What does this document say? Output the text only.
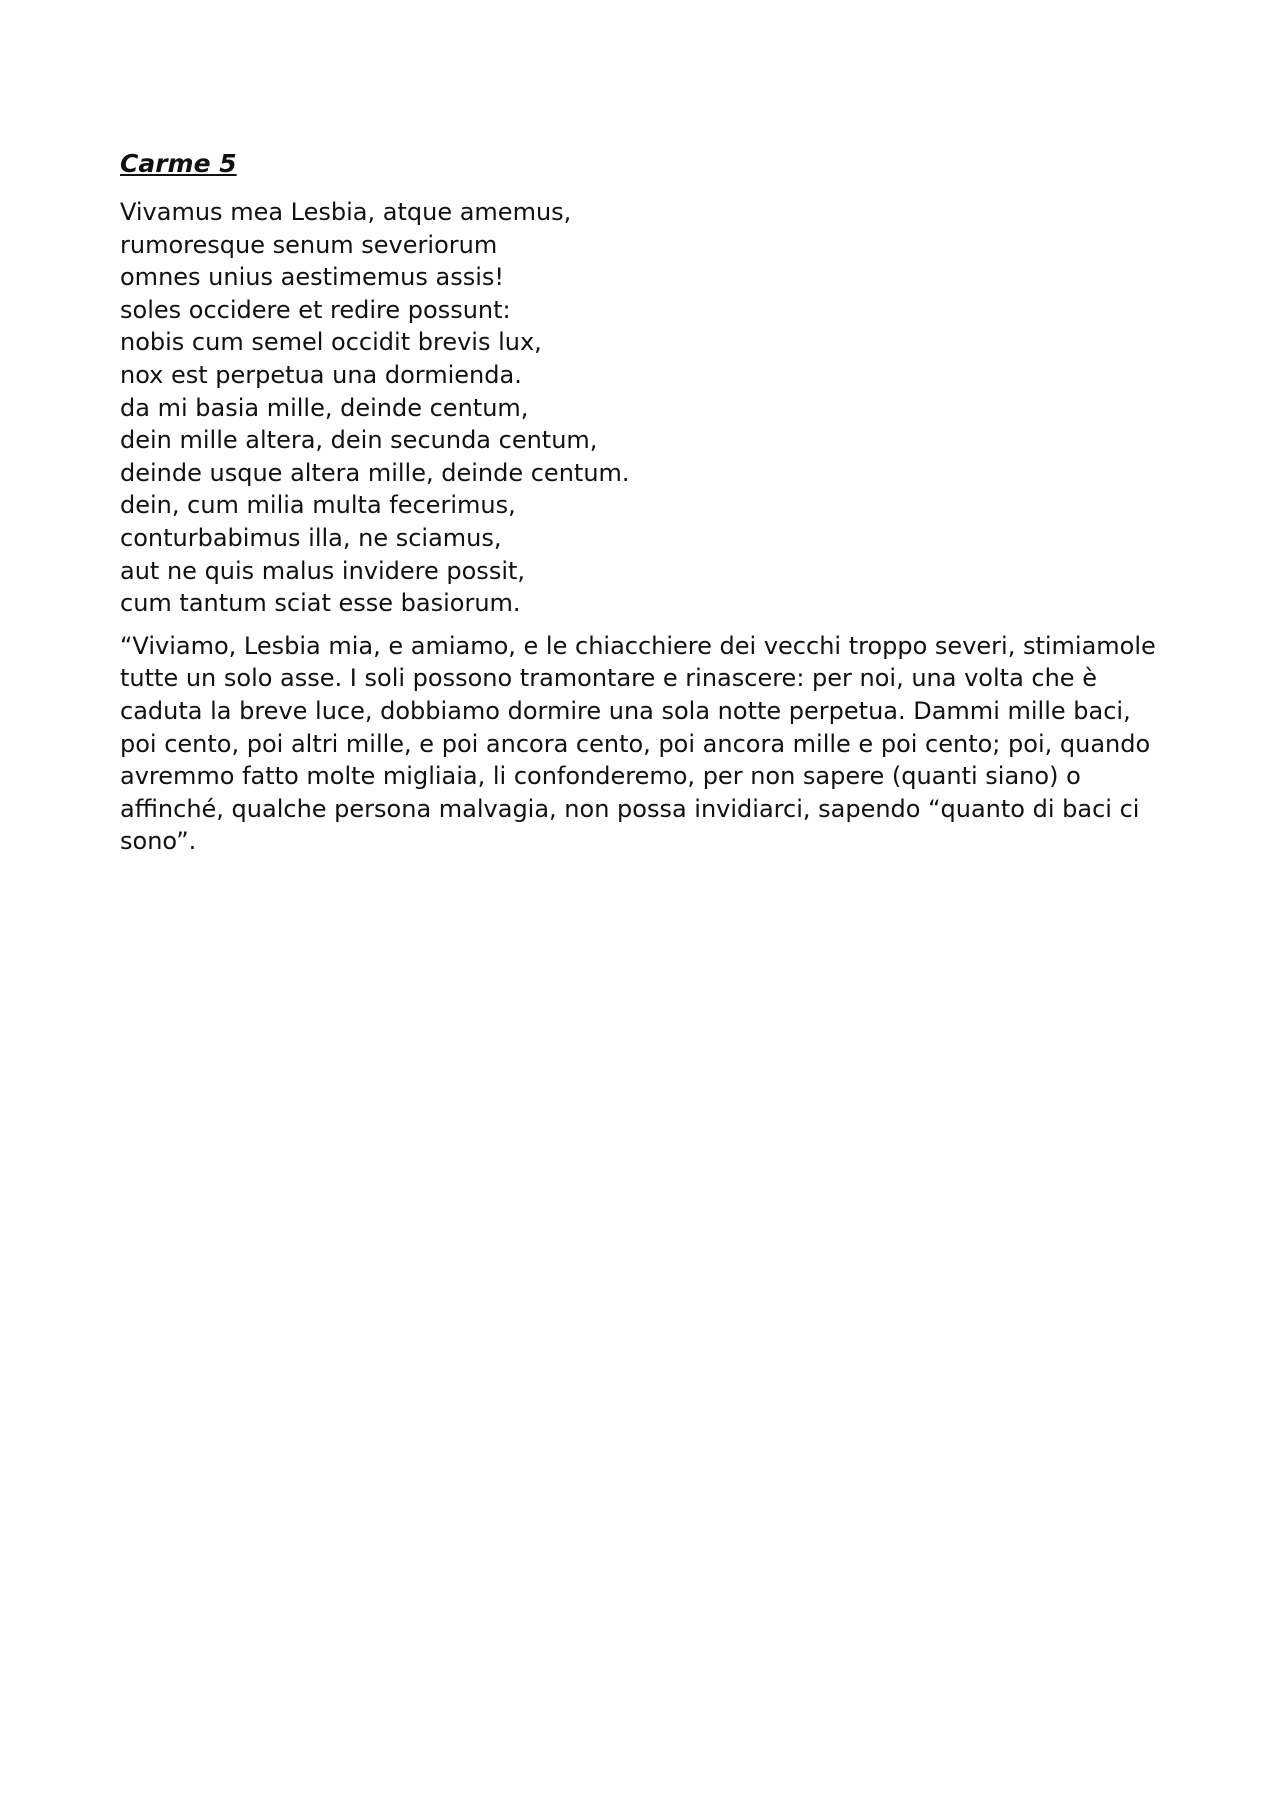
Carme 5
Vivamus mea Lesbia, atque amemus,
rumoresque senum severiorum
omnes unius aestimemus assis!
soles occidere et redire possunt:
nobis cum semel occidit brevis lux,
nox est perpetua una dormienda.
da mi basia mille, deinde centum,
dein mille altera, dein secunda centum,
deinde usque altera mille, deinde centum.
dein, cum milia multa fecerimus,
conturbabimus illa, ne sciamus,
aut ne quis malus invidere possit,
cum tantum sciat esse basiorum.

“Viviamo, Lesbia mia, e amiamo, e le chiacchiere dei vecchi troppo severi, stimiamole tutte un solo asse. I soli possono tramontare e rinascere: per noi, una volta che è caduta la breve luce, dobbiamo dormire una sola notte perpetua. Dammi mille baci, poi cento, poi altri mille, e poi ancora cento, poi ancora mille e poi cento; poi, quando avremmo fatto molte migliaia, li confonderemo, per non sapere (quanti siano) o affinché, qualche persona malvagia, non possa invidiarci, sapendo “quanto di baci ci sono”.
